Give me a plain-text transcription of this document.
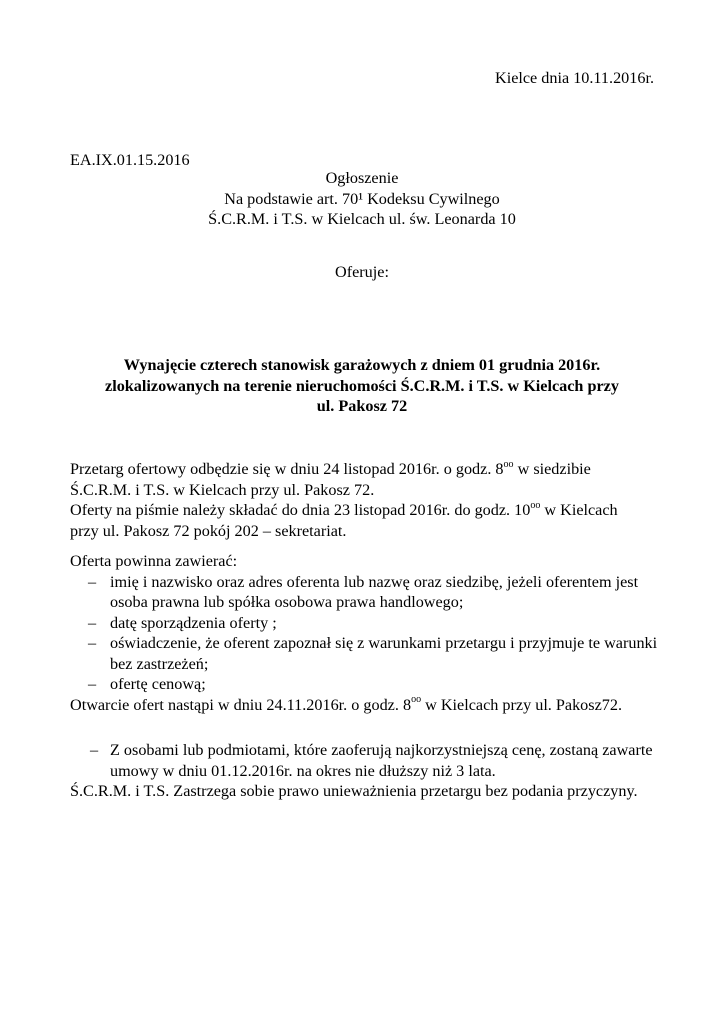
Kielce dnia 10.11.2016r.
EA.IX.01.15.2016
Ogłoszenie
Na podstawie art. 70¹ Kodeksu Cywilnego
Ś.C.R.M. i T.S. w Kielcach ul. św. Leonarda 10
Oferuje:
Wynajęcie czterech stanowisk garażowych z dniem 01 grudnia 2016r.
zlokalizowanych na terenie nieruchomości Ś.C.R.M. i T.S. w Kielcach przy
ul. Pakosz 72
Przetarg ofertowy odbędzie się w dniu 24 listopad 2016r. o godz. $8^{oo}$ w siedzibie
Ś.C.R.M. i T.S. w Kielcach przy ul. Pakosz 72.
Oferty na piśmie należy składać do dnia 23 listopad 2016r. do godz. $10^{oo}$ w Kielcach
przy ul. Pakosz 72 pokój 202 – sekretariat.
Oferta powinna zawierać:
– imię i nazwisko oraz adres oferenta lub nazwę oraz siedzibę, jeżeli oferentem jest osoba prawna lub spółka osobowa prawa handlowego;
– datę sporządzenia oferty ;
– oświadczenie, że oferent zapoznał się z warunkami przetargu i przyjmuje te warunki bez zastrzeżeń;
– ofertę cenową;
Otwarcie ofert nastąpi w dniu 24.11.2016r. o godz. $8^{oo}$ w Kielcach przy ul. Pakosz72.
– Z osobami lub podmiotami, które zaoferują najkorzystniejszą cenę, zostaną zawarte umowy w dniu 01.12.2016r. na okres nie dłuższy niż 3 lata.
Ś.C.R.M. i T.S. Zastrzega sobie prawo unieważnienia przetargu bez podania przyczyny.
